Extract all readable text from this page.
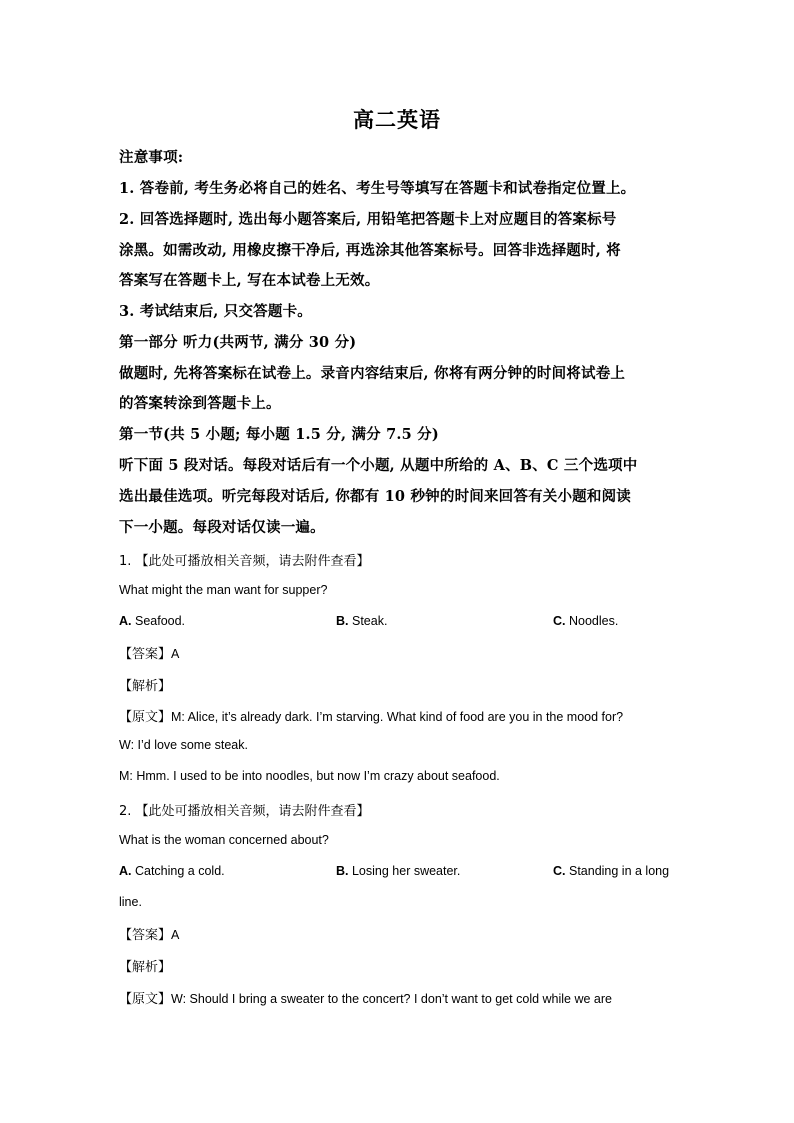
高二英语
注意事项:
1. 答卷前, 考生务必将自己的姓名、考生号等填写在答题卡和试卷指定位置上。
2. 回答选择题时, 选出每小题答案后, 用铅笔把答题卡上对应题目的答案标号
涂黑。如需改动, 用橡皮擦干净后, 再选涂其他答案标号。回答非选择题时, 将
答案写在答题卡上, 写在本试卷上无效。
3. 考试结束后, 只交答题卡。
第一部分 听力(共两节, 满分 30 分)
做题时, 先将答案标在试卷上。录音内容结束后, 你将有两分钟的时间将试卷上
的答案转涂到答题卡上。
第一节(共 5 小题; 每小题 1.5 分, 满分 7.5 分)
听下面 5 段对话。每段对话后有一个小题, 从题中所给的 A、B、C 三个选项中
选出最佳选项。听完每段对话后, 你都有 10 秒钟的时间来回答有关小题和阅读
下一小题。每段对话仅读一遍。
1. 【此处可播放相关音频，请去附件查看】
What might the man want for supper?
A. Seafood.	B. Steak.	C. Noodles.
【答案】A
【解析】
【原文】M: Alice, it’s already dark. I’m starving. What kind of food are you in the mood for?
W: I’d love some steak.
M: Hmm. I used to be into noodles, but now I’m crazy about seafood.
2. 【此处可播放相关音频，请去附件查看】
What is the woman concerned about?
A. Catching a cold.	B. Losing her sweater.	C. Standing in a long
line.
【答案】A
【解析】
【原文】W: Should I bring a sweater to the concert? I don’t want to get cold while we are
